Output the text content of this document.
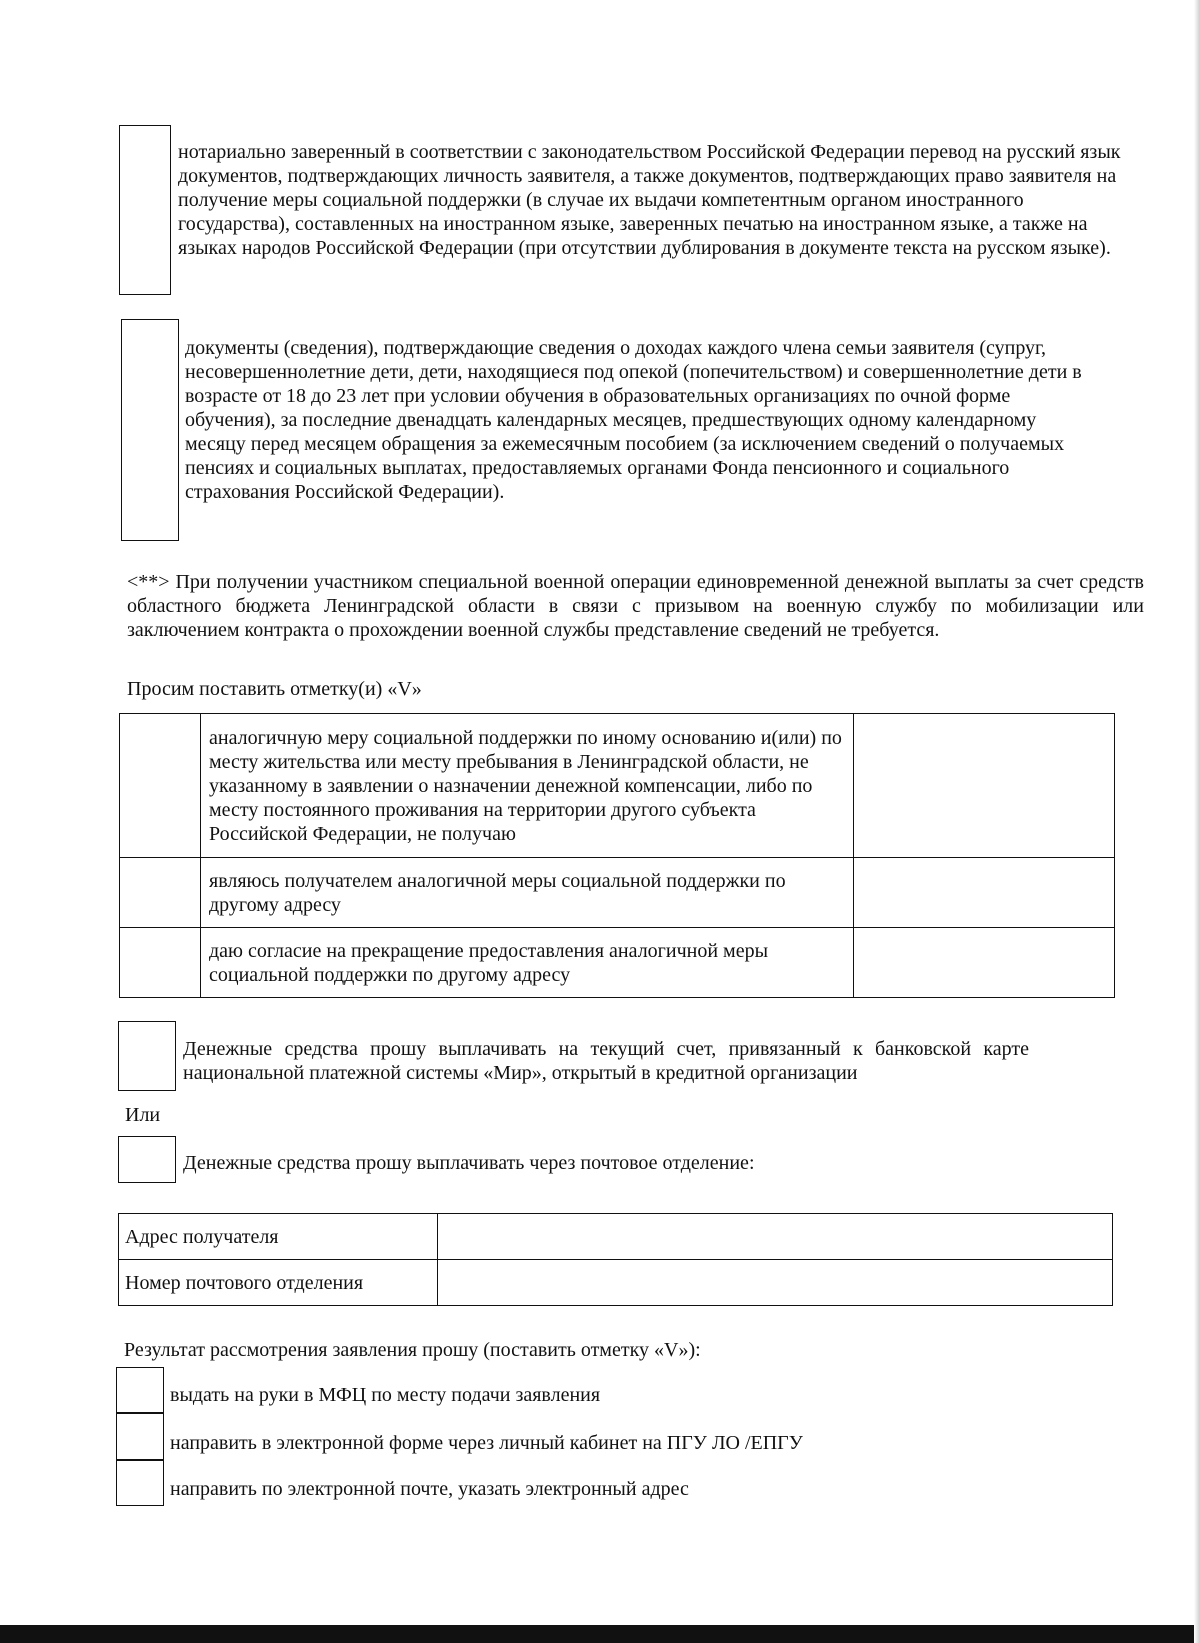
нотариально заверенный в соответствии с законодательством Российской Федерации перевод на русский язык документов, подтверждающих личность заявителя, а также документов, подтверждающих право заявителя на получение меры социальной поддержки (в случае их выдачи компетентным органом иностранного государства), составленных на иностранном языке, заверенных печатью на иностранном языке, а также на языках народов Российской Федерации (при отсутствии дублирования в документе текста на русском языке).
документы (сведения), подтверждающие сведения о доходах каждого члена семьи заявителя (супруг, несовершеннолетние дети, дети, находящиеся под опекой (попечительством) и совершеннолетние дети в возрасте от 18 до 23 лет при условии обучения в образовательных организациях по очной форме обучения), за последние двенадцать календарных месяцев, предшествующих одному календарному месяцу перед месяцем обращения за ежемесячным пособием (за исключением сведений о получаемых пенсиях и социальных выплатах, предоставляемых органами Фонда пенсионного и социального страхования Российской Федерации).
<**> При получении участником специальной военной операции единовременной денежной выплаты за счет средств областного бюджета Ленинградской области в связи с призывом на военную службу по мобилизации или заключением контракта о прохождении военной службы представление сведений не требуется.
Просим поставить отметку(и) «V»
	аналогичную меру социальной поддержки по иному основанию и(или) по месту жительства или месту пребывания в Ленинградской области, не указанному в заявлении о назначении денежной компенсации, либо по месту постоянного проживания на территории другого субъекта Российской Федерации, не получаю	
	являюсь получателем аналогичной меры социальной поддержки по другому адресу	
	даю согласие на прекращение предоставления аналогичной меры социальной поддержки по другому адресу	
Денежные средства прошу выплачивать на текущий счет, привязанный к банковской карте национальной платежной системы «Мир», открытый в кредитной организации
Или
Денежные средства прошу выплачивать через почтовое отделение:
Адрес получателя	
Номер почтового отделения	
Результат рассмотрения заявления прошу (поставить отметку «V»):
выдать на руки в МФЦ по месту подачи заявления
направить в электронной форме через личный кабинет на ПГУ ЛО /ЕПГУ
направить по электронной почте, указать электронный адрес
